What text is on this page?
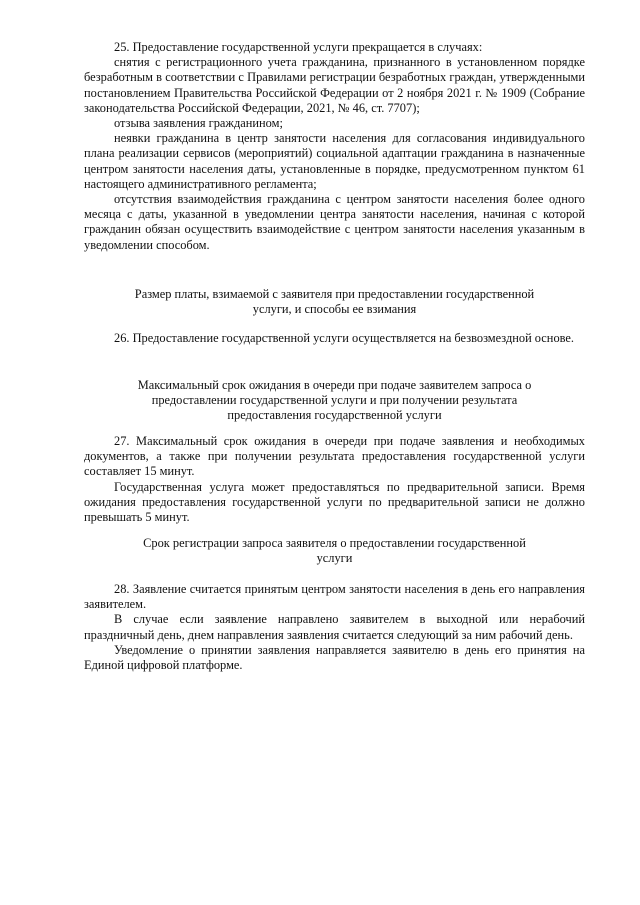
25. Предоставление государственной услуги прекращается в случаях:

снятия с регистрационного учета гражданина, признанного в установленном порядке безработным в соответствии с Правилами регистрации безработных граждан, утвержденными постановлением Правительства Российской Федерации от 2 ноября 2021 г. № 1909 (Собрание законодательства Российской Федерации, 2021, № 46, ст. 7707);

отзыва заявления гражданином;

неявки гражданина в центр занятости населения для согласования индивидуального плана реализации сервисов (мероприятий) социальной адаптации гражданина в назначенные центром занятости населения даты, установленные в порядке, предусмотренном пунктом 61 настоящего административного регламента;

отсутствия взаимодействия гражданина с центром занятости населения более одного месяца с даты, указанной в уведомлении центра занятости населения, начиная с которой гражданин обязан осуществить взаимодействие с центром занятости населения указанным в уведомлении способом.

Размер платы, взимаемой с заявителя при предоставлении государственной услуги, и способы ее взимания

26. Предоставление государственной услуги осуществляется на безвозмездной основе.

Максимальный срок ожидания в очереди при подаче заявителем запроса о предоставлении государственной услуги и при получении результата предоставления государственной услуги

27. Максимальный срок ожидания в очереди при подаче заявления и необходимых документов, а также при получении результата предоставления государственной услуги составляет 15 минут.

Государственная услуга может предоставляться по предварительной записи. Время ожидания предоставления государственной услуги по предварительной записи не должно превышать 5 минут.

Срок регистрации запроса заявителя о предоставлении государственной услуги

28. Заявление считается принятым центром занятости населения в день его направления заявителем.

В случае если заявление направлено заявителем в выходной или нерабочий праздничный день, днем направления заявления считается следующий за ним рабочий день.

Уведомление о принятии заявления направляется заявителю в день его принятия на Единой цифровой платформе.
